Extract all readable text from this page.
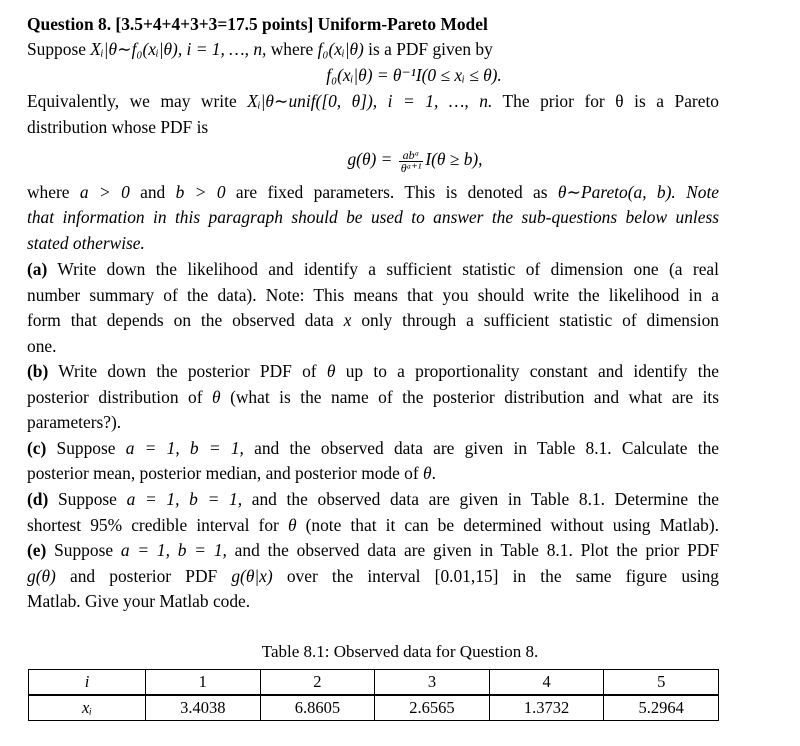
Question 8. [3.5+4+4+3+3=17.5 points] Uniform-Pareto Model
Suppose Xᵢ|θ∼f₀(xᵢ|θ), i = 1, …, n, where f₀(xᵢ|θ) is a PDF given by
f₀(xᵢ|θ) = θ⁻¹I(0 ≤ xᵢ ≤ θ).
Equivalently, we may write Xᵢ|θ∼unif([0, θ]), i = 1, …, n. The prior for θ is a Pareto
distribution whose PDF is
$g(\theta) = \frac{\text{abᵃ}}{\text{θᵃ⁺¹}} I(\theta \ge b)$,
where a > 0 and b > 0 are fixed parameters. This is denoted as θ∼Pareto(a, b). Note
that information in this paragraph should be used to answer the sub-questions below unless
stated otherwise.
(a) Write down the likelihood and identify a sufficient statistic of dimension one (a real
number summary of the data). Note: This means that you should write the likelihood in a
form that depends on the observed data x only through a sufficient statistic of dimension
one.
(b) Write down the posterior PDF of θ up to a proportionality constant and identify the
posterior distribution of θ (what is the name of the posterior distribution and what are its
parameters?).
(c) Suppose a = 1, b = 1, and the observed data are given in Table 8.1. Calculate the
posterior mean, posterior median, and posterior mode of θ.
(d) Suppose a = 1, b = 1, and the observed data are given in Table 8.1. Determine the
shortest 95% credible interval for θ (note that it can be determined without using Matlab).
(e) Suppose a = 1, b = 1, and the observed data are given in Table 8.1. Plot the prior PDF
g(θ) and posterior PDF g(θ|x) over the interval [0.01,15] in the same figure using
Matlab. Give your Matlab code.
Table 8.1: Observed data for Question 8.
i	1	2	3	4	5
xᵢ	3.4038	6.8605	2.6565	1.3732	5.2964
